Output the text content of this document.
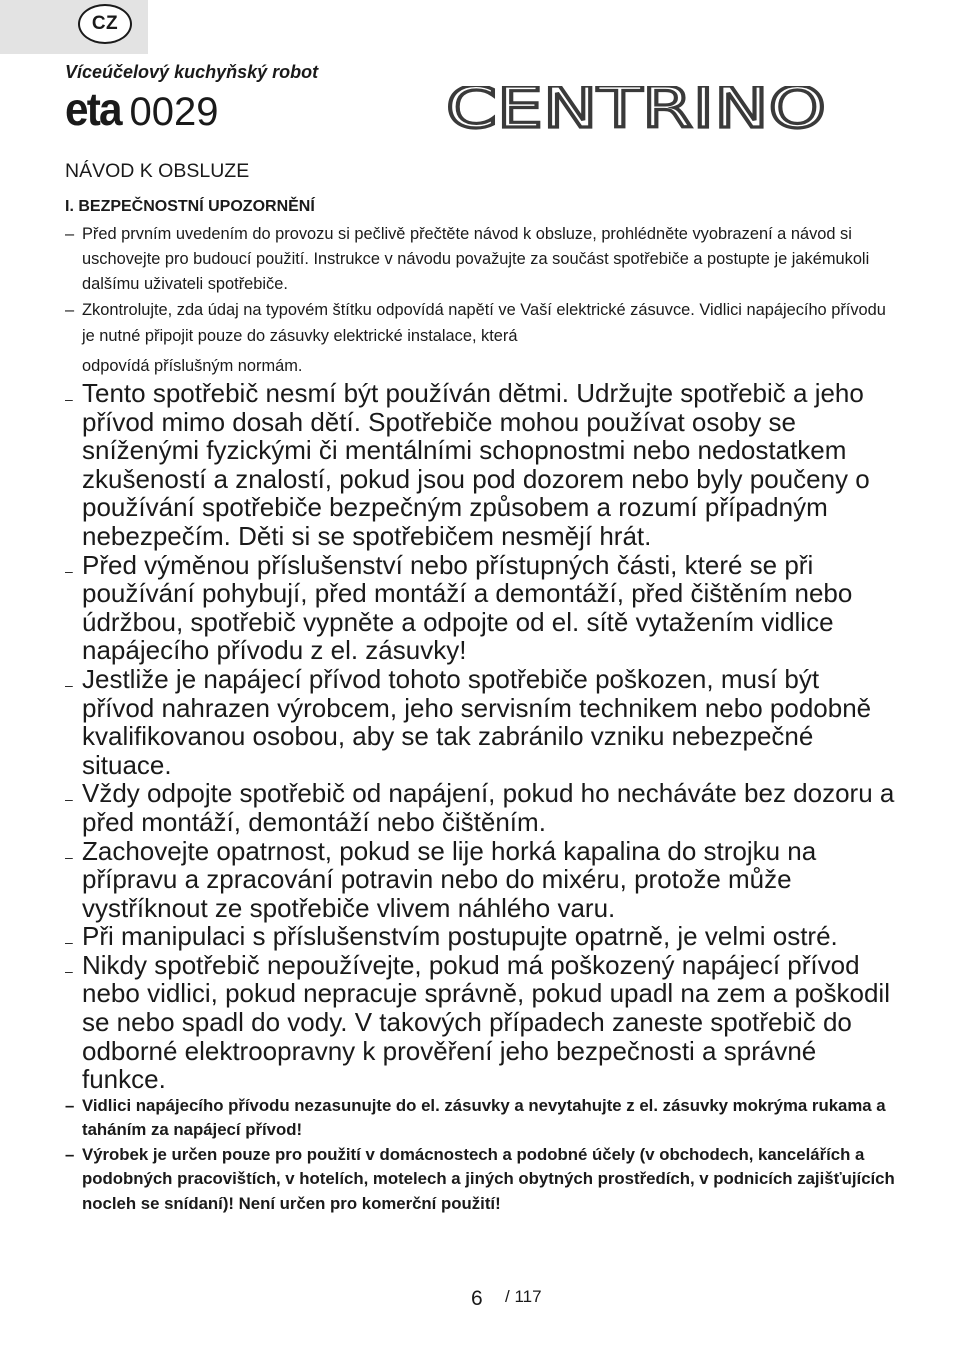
CZ
Víceúčelový kuchyňský robot
eta 0029	CENTRINO
NÁVOD K OBSLUZE
I. BEZPEČNOSTNÍ UPOZORNĚNÍ
– Před prvním uvedením do provozu si pečlivě přečtěte návod k obsluze, prohlédněte vyobrazení a návod si uschovejte pro budoucí použití. Instrukce v návodu považujte za součást spotřebiče a postupte je jakémukoli dalšímu uživateli spotřebiče.
– Zkontrolujte, zda údaj na typovém štítku odpovídá napětí ve Vaší elektrické zásuvce. Vidlici napájecího přívodu je nutné připojit pouze do zásuvky elektrické instalace, která
odpovídá příslušným normám.
– Tento spotřebič nesmí být používán dětmi. Udržujte spotřebič a jeho přívod mimo dosah dětí. Spotřebiče mohou používat osoby se sníženými fyzickými či mentálními schopnostmi nebo nedostatkem zkušeností a znalostí, pokud jsou pod dozorem nebo byly poučeny o používání spotřebiče bezpečným způsobem a rozumí případným nebezpečím. Děti si se spotřebičem nesmějí hrát.
– Před výměnou příslušenství nebo přístupných části, které se při používání pohybují, před montáží a demontáží, před čištěním nebo údržbou, spotřebič vypněte a odpojte od el. sítě vytažením vidlice napájecího přívodu z el. zásuvky!
– Jestliže je napájecí přívod tohoto spotřebiče poškozen, musí být přívod nahrazen výrobcem, jeho servisním technikem nebo podobně kvalifikovanou osobou, aby se tak zabránilo vzniku nebezpečné situace.
– Vždy odpojte spotřebič od napájení, pokud ho necháváte bez dozoru a před montáží, demontáží nebo čištěním.
– Zachovejte opatrnost, pokud se lije horká kapalina do strojku na přípravu a zpracování potravin nebo do mixéru, protože může vystříknout ze spotřebiče vlivem náhlého varu.
– Při manipulaci s příslušenstvím postupujte opatrně, je velmi ostré.
– Nikdy spotřebič nepoužívejte, pokud má poškozený napájecí přívod nebo vidlici, pokud nepracuje správně, pokud upadl na zem a poškodil se nebo spadl do vody. V takových případech zaneste spotřebič do odborné elektroopravny k prověření jeho bezpečnosti a správné funkce.
– Vidlici napájecího přívodu nezasunujte do el. zásuvky a nevytahujte z el. zásuvky mokrýma rukama a taháním za napájecí přívod!
– Výrobek je určen pouze pro použití v domácnostech a podobné účely (v obchodech, kancelářích a podobných pracovištích, v hotelích, motelech a jiných obytných prostředích, v podnicích zajišťujících nocleh se snídaní)! Není určen pro komerční použití!
6 / 117
